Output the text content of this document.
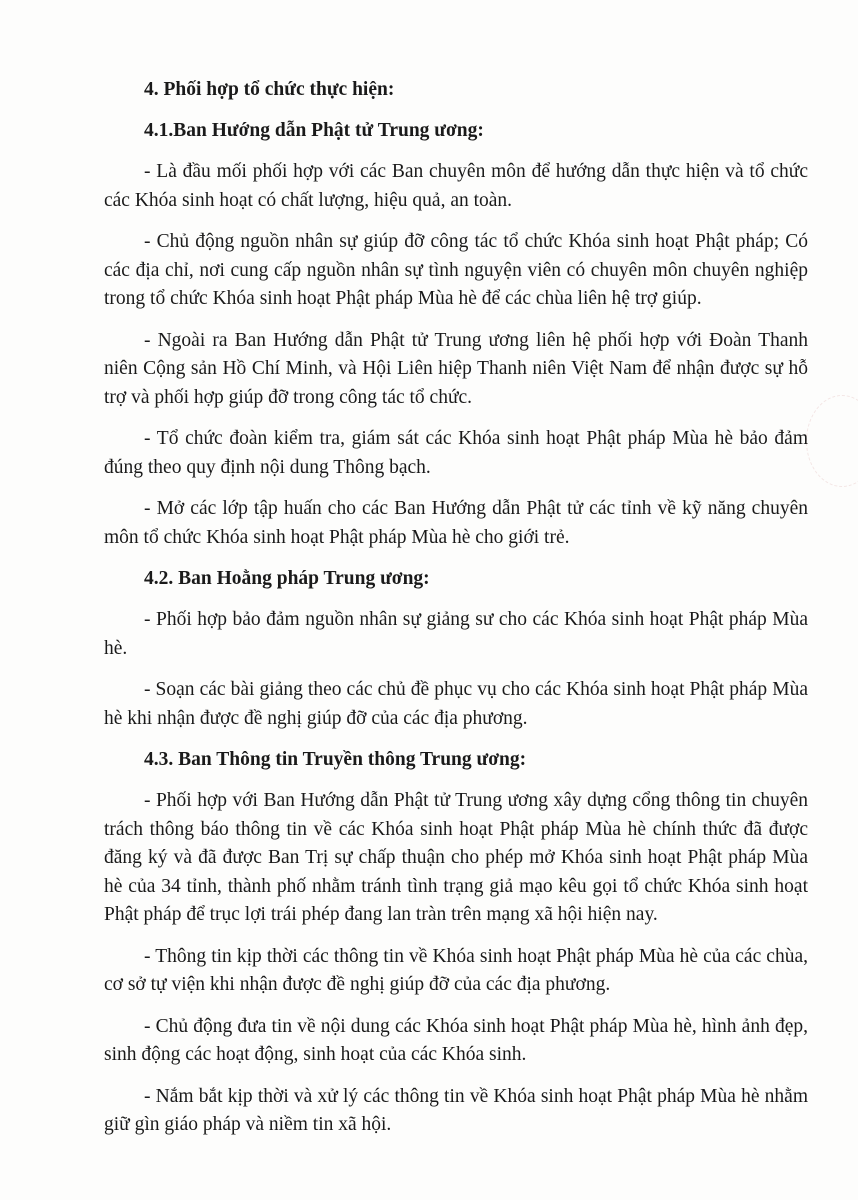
4. Phối hợp tổ chức thực hiện:

4.1.Ban Hướng dẫn Phật tử Trung ương:

- Là đầu mối phối hợp với các Ban chuyên môn để hướng dẫn thực hiện và tổ chức các Khóa sinh hoạt có chất lượng, hiệu quả, an toàn.

- Chủ động nguồn nhân sự giúp đỡ công tác tổ chức Khóa sinh hoạt Phật pháp; Có các địa chỉ, nơi cung cấp nguồn nhân sự tình nguyện viên có chuyên môn chuyên nghiệp trong tổ chức Khóa sinh hoạt Phật pháp Mùa hè để các chùa liên hệ trợ giúp.

- Ngoài ra Ban Hướng dẫn Phật tử Trung ương liên hệ phối hợp với Đoàn Thanh niên Cộng sản Hồ Chí Minh, và Hội Liên hiệp Thanh niên Việt Nam để nhận được sự hỗ trợ và phối hợp giúp đỡ trong công tác tổ chức.

- Tổ chức đoàn kiểm tra, giám sát các Khóa sinh hoạt Phật pháp Mùa hè bảo đảm đúng theo quy định nội dung Thông bạch.

- Mở các lớp tập huấn cho các Ban Hướng dẫn Phật tử các tỉnh về kỹ năng chuyên môn tổ chức Khóa sinh hoạt Phật pháp Mùa hè cho giới trẻ.

4.2. Ban Hoằng pháp Trung ương:

- Phối hợp bảo đảm nguồn nhân sự giảng sư cho các Khóa sinh hoạt Phật pháp Mùa hè.

- Soạn các bài giảng theo các chủ đề phục vụ cho các Khóa sinh hoạt Phật pháp Mùa hè khi nhận được đề nghị giúp đỡ của các địa phương.

4.3. Ban Thông tin Truyền thông Trung ương:

- Phối hợp với Ban Hướng dẫn Phật tử Trung ương xây dựng cổng thông tin chuyên trách thông báo thông tin về các Khóa sinh hoạt Phật pháp Mùa hè chính thức đã được đăng ký và đã được Ban Trị sự chấp thuận cho phép mở Khóa sinh hoạt Phật pháp Mùa hè của 34 tỉnh, thành phố nhằm tránh tình trạng giả mạo kêu gọi tổ chức Khóa sinh hoạt Phật pháp để trục lợi trái phép đang lan tràn trên mạng xã hội hiện nay.

- Thông tin kịp thời các thông tin về Khóa sinh hoạt Phật pháp Mùa hè của các chùa, cơ sở tự viện khi nhận được đề nghị giúp đỡ của các địa phương.

- Chủ động đưa tin về nội dung các Khóa sinh hoạt Phật pháp Mùa hè, hình ảnh đẹp, sinh động các hoạt động, sinh hoạt của các Khóa sinh.

- Nắm bắt kịp thời và xử lý các thông tin về Khóa sinh hoạt Phật pháp Mùa hè nhằm giữ gìn giáo pháp và niềm tin xã hội.
